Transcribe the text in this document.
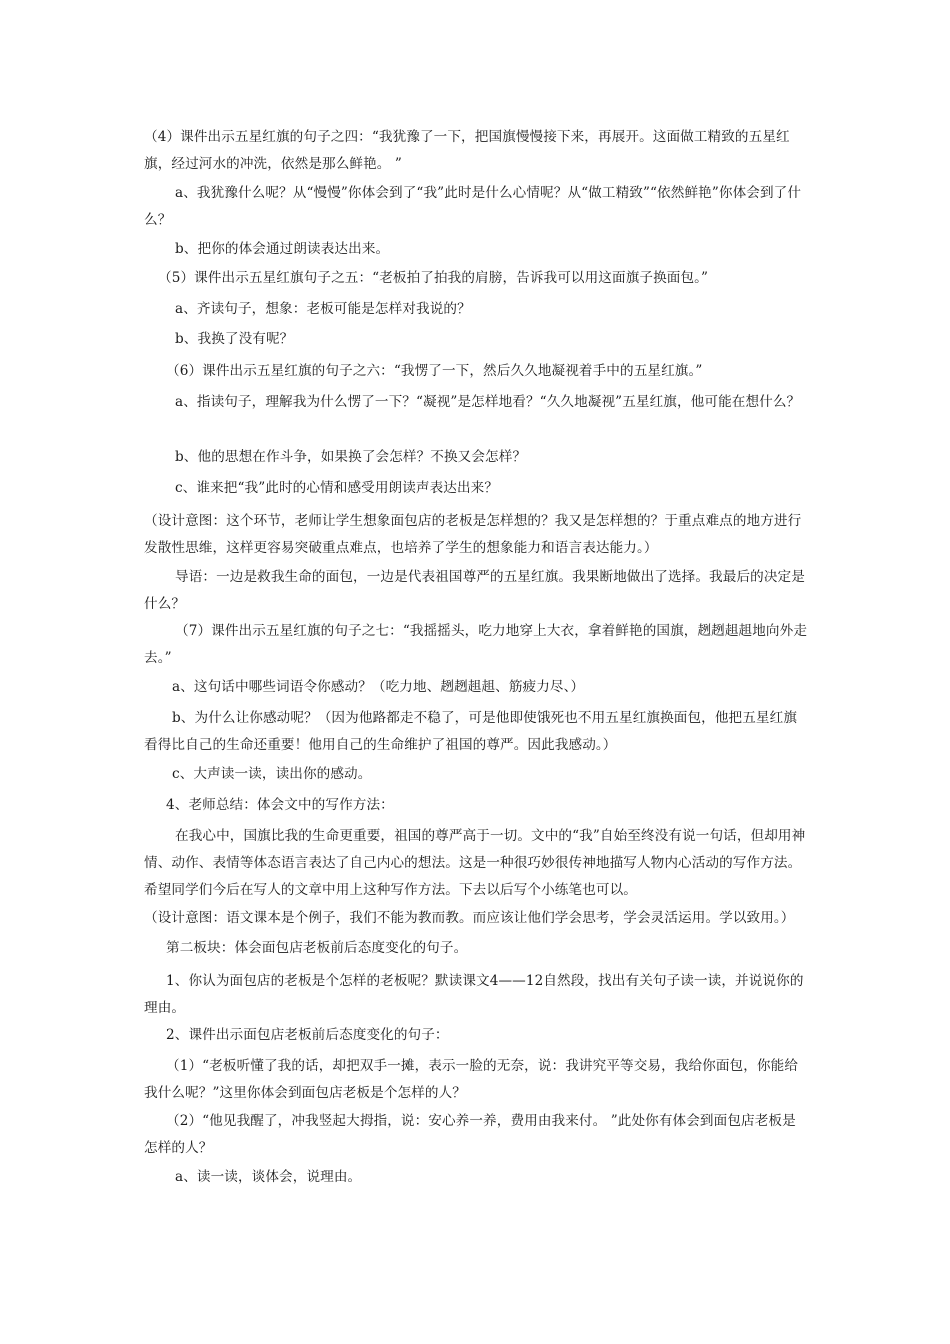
（4）课件出示五星红旗的句子之四：“我犹豫了一下，把国旗慢慢接下来，再展开。这面做工精致的五星红旗，经过河水的冲洗，依然是那么鲜艳。 ”
a、我犹豫什么呢？从“慢慢”你体会到了“我”此时是什么心情呢？从“做工精致”“依然鲜艳”你体会到了什么？
b、把你的体会通过朗读表达出来。
（5）课件出示五星红旗句子之五：“老板拍了拍我的肩膀，告诉我可以用这面旗子换面包。”
a、齐读句子，想象：老板可能是怎样对我说的？
b、我换了没有呢？
（6）课件出示五星红旗的句子之六：“我愣了一下，然后久久地凝视着手中的五星红旗。”
a、指读句子，理解我为什么愣了一下？“凝视”是怎样地看？“久久地凝视”五星红旗，他可能在想什么？
b、他的思想在作斗争，如果换了会怎样？不换又会怎样？
c、谁来把“我”此时的心情和感受用朗读声表达出来？
（设计意图：这个环节，老师让学生想象面包店的老板是怎样想的？我又是怎样想的？于重点难点的地方进行发散性思维，这样更容易突破重点难点，也培养了学生的想象能力和语言表达能力。）
导语：一边是救我生命的面包，一边是代表祖国尊严的五星红旗。我果断地做出了选择。我最后的决定是什么？
（7）课件出示五星红旗的句子之七：“我摇摇头，吃力地穿上大衣，拿着鲜艳的国旗，趔趔趄趄地向外走去。”
a、这句话中哪些词语令你感动？（吃力地、趔趔趄趄、筋疲力尽、）
b、为什么让你感动呢？（因为他路都走不稳了，可是他即使饿死也不用五星红旗换面包，他把五星红旗看得比自己的生命还重要！他用自己的生命维护了祖国的尊严。因此我感动。）
c、大声读一读，读出你的感动。
4、老师总结：体会文中的写作方法：
在我心中，国旗比我的生命更重要，祖国的尊严高于一切。文中的“我”自始至终没有说一句话，但却用神情、动作、表情等体态语言表达了自己内心的想法。这是一种很巧妙很传神地描写人物内心活动的写作方法。希望同学们今后在写人的文章中用上这种写作方法。下去以后写个小练笔也可以。
（设计意图：语文课本是个例子，我们不能为教而教。而应该让他们学会思考，学会灵活运用。学以致用。）
第二板块：体会面包店老板前后态度变化的句子。
1、你认为面包店的老板是个怎样的老板呢？默读课文4——12自然段，找出有关句子读一读，并说说你的理由。
2、课件出示面包店老板前后态度变化的句子：
（1）“老板听懂了我的话，却把双手一摊，表示一脸的无奈，说：我讲究平等交易，我给你面包，你能给我什么呢？”这里你体会到面包店老板是个怎样的人？
（2）“他见我醒了，冲我竖起大拇指，说：安心养一养，费用由我来付。 ”此处你有体会到面包店老板是怎样的人？
a、读一读，谈体会，说理由。
